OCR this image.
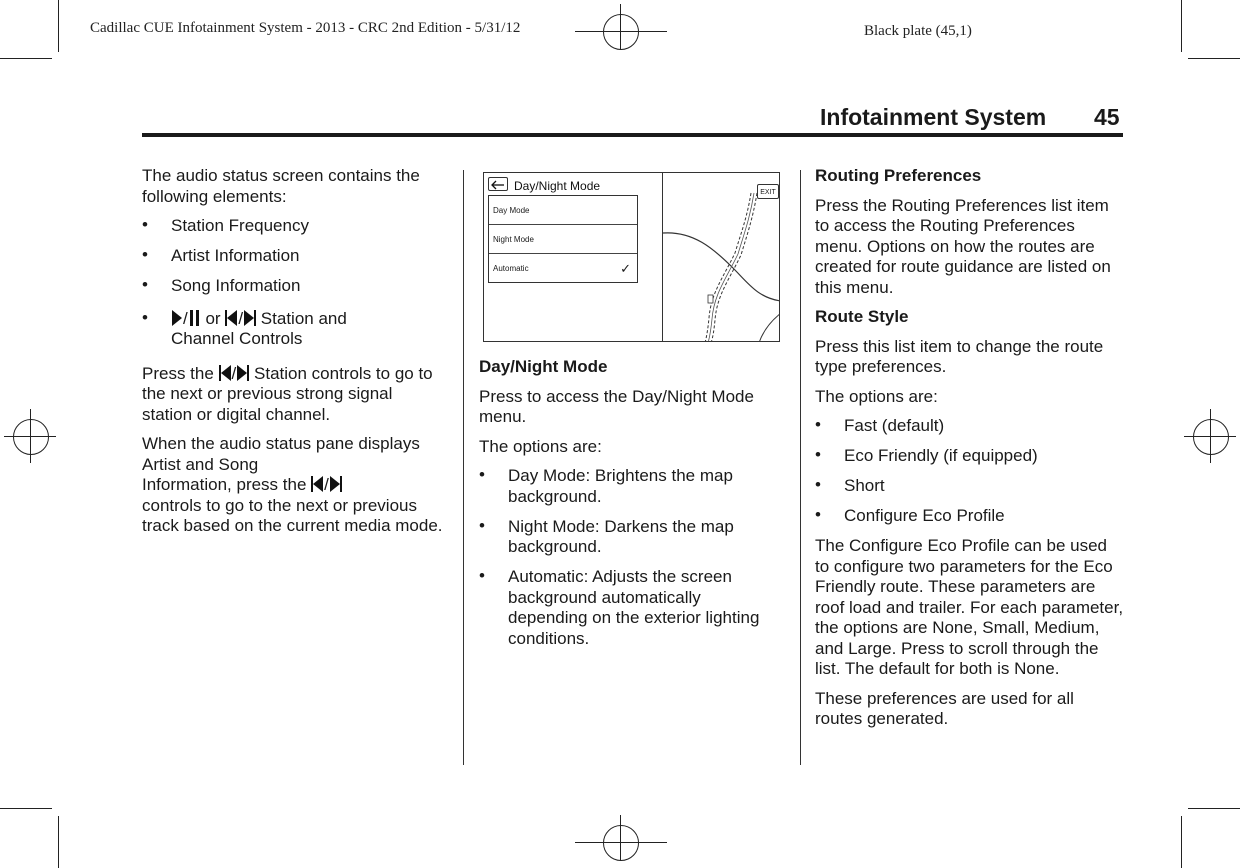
Cadillac CUE Infotainment System - 2013 - CRC 2nd Edition - 5/31/12	Black plate (45,1)
Infotainment System 45

The audio status screen contains the following elements:

• Station Frequency
• Artist Information
• Song Information
• / or / Station and
Channel Controls

Press the / Station controls to go to the next or previous strong signal station or digital channel.

When the audio status pane displays Artist and Song
Information, press the /
controls to go to the next or previous track based on the current media mode.

Day/Night Mode
Day Mode
Night Mode
Automatic	✓
EXIT
Day/Night Mode

Press to access the Day/Night Mode menu.

The options are:

• Day Mode: Brightens the map background.
• Night Mode: Darkens the map background.
• Automatic: Adjusts the screen background automatically depending on the exterior lighting conditions.
Routing Preferences

Press the Routing Preferences list item to access the Routing Preferences menu. Options on how the routes are created for route guidance are listed on this menu.

Route Style

Press this list item to change the route type preferences.

The options are:

• Fast (default)
• Eco Friendly (if equipped)
• Short
• Configure Eco Profile

The Configure Eco Profile can be used to configure two parameters for the Eco Friendly route. These parameters are roof load and trailer. For each parameter, the options are None, Small, Medium, and Large. Press to scroll through the list. The default for both is None.

These preferences are used for all routes generated.
